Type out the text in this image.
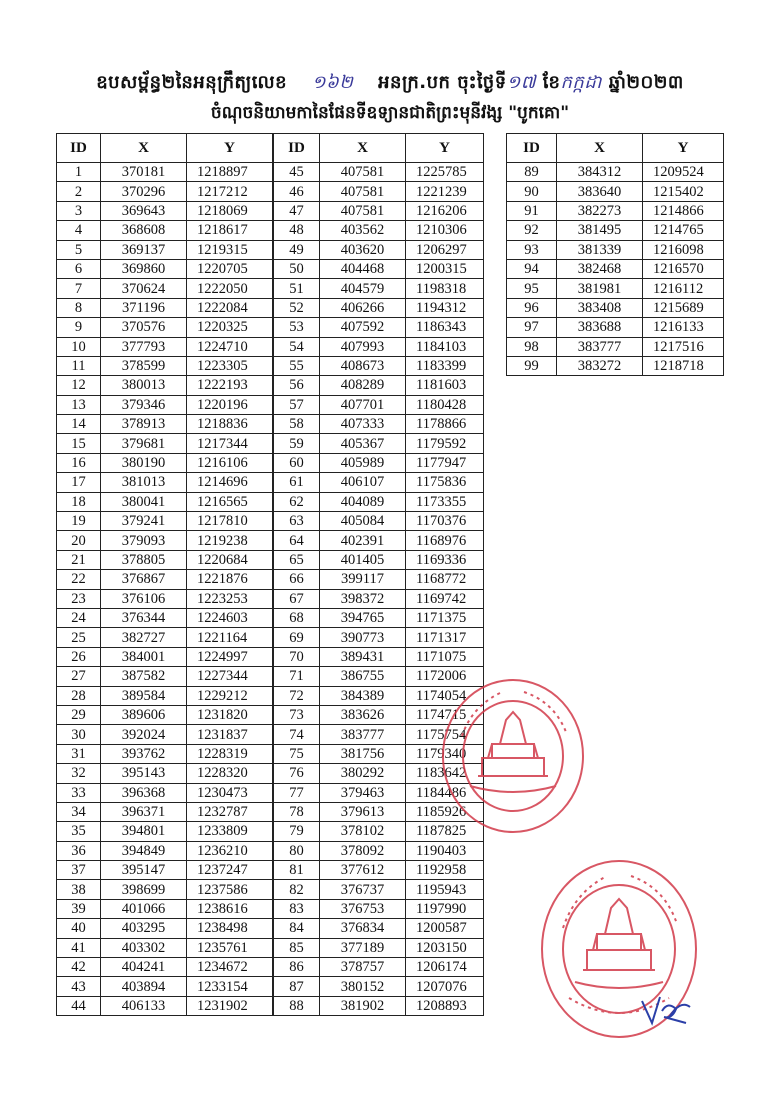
ឧបសម្ព័ន្ធ២នៃអនុក្រឹត្យលេខ ១៦២ អនក្រ.បក ចុះថ្ងៃទី១៧ ខែកក្កដា ឆ្នាំ២០២៣
ចំណុចនិយាមកានៃផែនទីឧទ្យានជាតិព្រះមុនីវង្ស "បូកគោ"
ID	X	Y
1	370181	1218897
2	370296	1217212
3	369643	1218069
4	368608	1218617
5	369137	1219315
6	369860	1220705
7	370624	1222050
8	371196	1222084
9	370576	1220325
10	377793	1224710
11	378599	1223305
12	380013	1222193
13	379346	1220196
14	378913	1218836
15	379681	1217344
16	380190	1216106
17	381013	1214696
18	380041	1216565
19	379241	1217810
20	379093	1219238
21	378805	1220684
22	376867	1221876
23	376106	1223253
24	376344	1224603
25	382727	1221164
26	384001	1224997
27	387582	1227344
28	389584	1229212
29	389606	1231820
30	392024	1231837
31	393762	1228319
32	395143	1228320
33	396368	1230473
34	396371	1232787
35	394801	1233809
36	394849	1236210
37	395147	1237247
38	398699	1237586
39	401066	1238616
40	403295	1238498
41	403302	1235761
42	404241	1234672
43	403894	1233154
44	406133	1231902
ID	X	Y
45	407581	1225785
46	407581	1221239
47	407581	1216206
48	403562	1210306
49	403620	1206297
50	404468	1200315
51	404579	1198318
52	406266	1194312
53	407592	1186343
54	407993	1184103
55	408673	1183399
56	408289	1181603
57	407701	1180428
58	407333	1178866
59	405367	1179592
60	405989	1177947
61	406107	1175836
62	404089	1173355
63	405084	1170376
64	402391	1168976
65	401405	1169336
66	399117	1168772
67	398372	1169742
68	394765	1171375
69	390773	1171317
70	389431	1171075
71	386755	1172006
72	384389	1174054
73	383626	1174715
74	383777	1175754
75	381756	1179340
76	380292	1183642
77	379463	1184486
78	379613	1185926
79	378102	1187825
80	378092	1190403
81	377612	1192958
82	376737	1195943
83	376753	1197990
84	376834	1200587
85	377189	1203150
86	378757	1206174
87	380152	1207076
88	381902	1208893
ID	X	Y
89	384312	1209524
90	383640	1215402
91	382273	1214866
92	381495	1214765
93	381339	1216098
94	382468	1216570
95	381981	1216112
96	383408	1215689
97	383688	1216133
98	383777	1217516
99	383272	1218718
